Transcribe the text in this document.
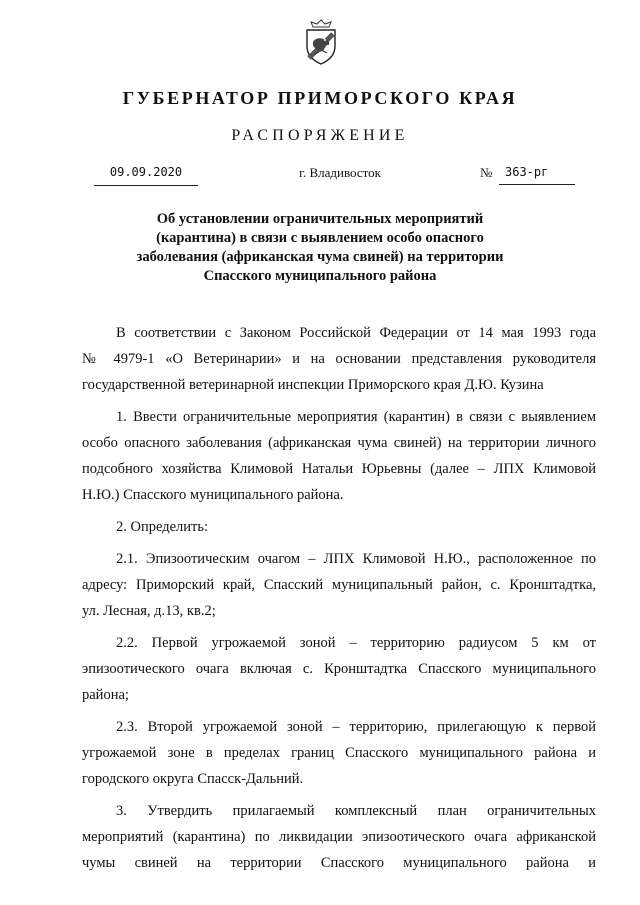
ГУБЕРНАТОР ПРИМОРСКОГО КРАЯ
РАСПОРЯЖЕНИЕ
09.09.2020	г. Владивосток	№	363-рг
Об установлении ограничительных мероприятий
(карантина) в связи с выявлением особо опасного
заболевания (африканская чума свиней) на территории
Спасского муниципального района
В соответствии с Законом Российской Федерации от 14 мая 1993 года
№ 4979-1 «О Ветеринарии» и на основании представления руководителя
государственной ветеринарной инспекции Приморского края Д.Ю. Кузина
1. Ввести ограничительные мероприятия (карантин) в связи с выявлением
особо опасного заболевания (африканская чума свиней) на территории личного
подсобного хозяйства Климовой Натальи Юрьевны (далее – ЛПХ Климовой
Н.Ю.) Спасского муниципального района.
2. Определить:
2.1. Эпизоотическим очагом – ЛПХ Климовой Н.Ю., расположенное по
адресу: Приморский край, Спасский муниципальный район, с. Кронштадтка,
ул. Лесная, д.13, кв.2;
2.2. Первой угрожаемой зоной – территорию радиусом 5 км от
эпизоотического очага включая с. Кронштадтка Спасского муниципального
района;
2.3. Второй угрожаемой зоной – территорию, прилегающую к первой
угрожаемой зоне в пределах границ Спасского муниципального района и
городского округа Спасск-Дальний.
3. Утвердить прилагаемый комплексный план ограничительных
мероприятий (карантина) по ликвидации эпизоотического очага африканской
чумы свиней на территории Спасского муниципального района и
